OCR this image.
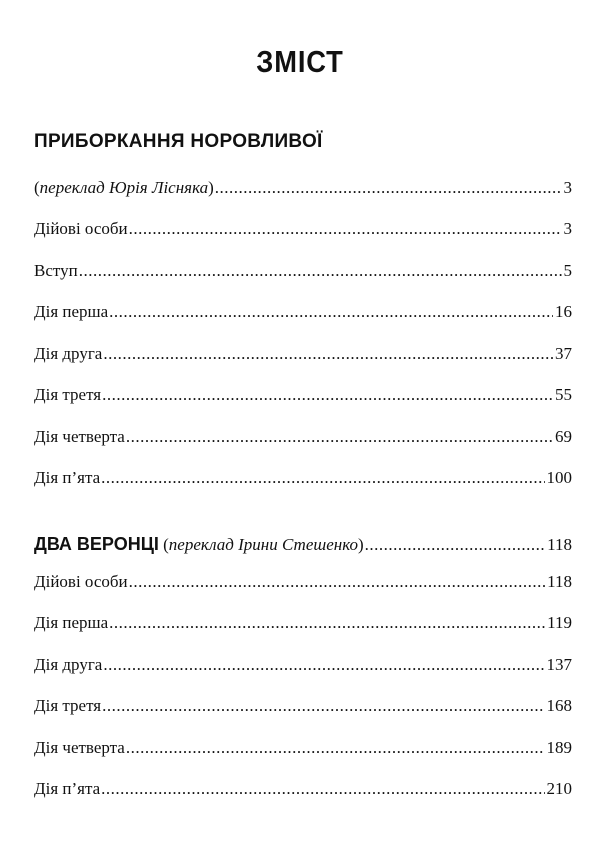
ЗМІСТ
ПРИБОРКАННЯ НОРОВЛИВОЇ
(переклад Юрія Лісняка) .....	3
Дійові особи .....	3
Вступ .....	5
Дія перша .....	16
Дія друга .....	37
Дія третя .....	55
Дія четверта .....	69
Дія п’ята .....	100
ДВА ВЕРОНЦІ (переклад Ірини Стешенко) .....	118
Дійові особи .....	118
Дія перша .....	119
Дія друга .....	137
Дія третя .....	168
Дія четверта .....	189
Дія п’ята .....	210
